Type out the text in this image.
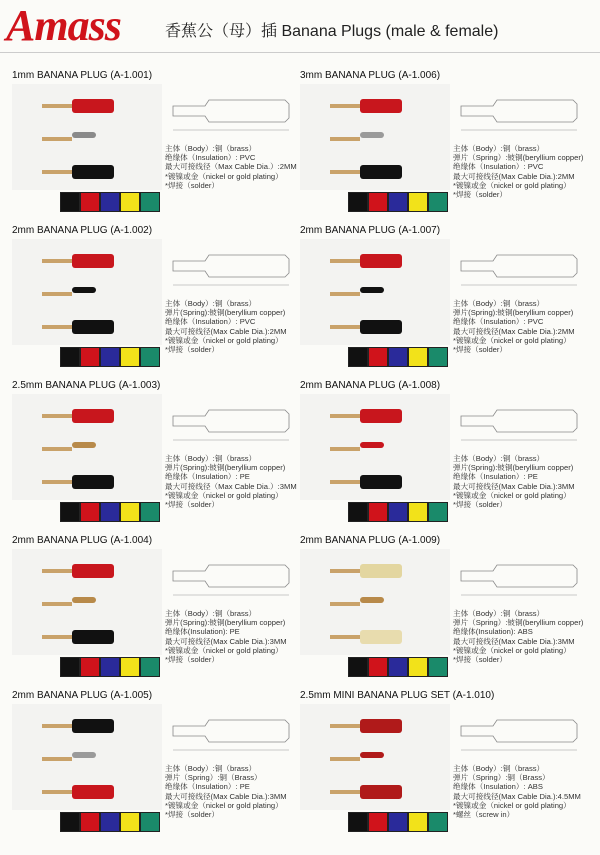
Amass	香蕉公（母）插 Banana Plugs (male & female)
1mm BANANA PLUG (A-1.001)
主体（Body）:铜（brass）
绝缘体（Insulation）: PVC
最大可接线径（Max Cable Dia.）:2MM
*镀镍或金（nickel or gold plating）
*焊接（solder）
3mm BANANA PLUG (A-1.006)
主体（Body）:铜（brass）
弹片（Spring）:铍铜(beryllium copper)
绝缘体（Insulation）: PVC
最大可接线径(Max Cable Dia.):2MM
*镀镍或金（nickel or gold plating）
*焊接（solder）
2mm BANANA PLUG (A-1.002)
主体（Body）:铜（brass）
弹片(Spring):铍铜(beryllium copper)
绝缘体（Insulation）: PVC
最大可接线径(Max Cable Dia.):2MM
*镀镍或金（nickel or gold plating）
*焊接（solder）
2mm BANANA PLUG (A-1.007)
主体（Body）:铜（brass）
弹片(Spring):铍铜(beryllium copper)
绝缘体（Insulation）: PVC
最大可接线径(Max Cable Dia.):2MM
*镀镍或金（nickel or gold plating）
*焊接（solder）
2.5mm BANANA PLUG (A-1.003)
主体（Body）:铜（brass）
弹片(Spring):铍铜(beryllium copper)
绝缘体（Insulation）: PE
最大可接线径（Max Cable Dia.）:3MM
*镀镍或金（nickel or gold plating）
*焊接（solder）
2mm BANANA PLUG (A-1.008)
主体（Body）:铜（brass）
弹片(Spring):铍铜(beryllium copper)
绝缘体（Insulation）: PE
最大可接线径(Max Cable Dia.):3MM
*镀镍或金（nickel or gold plating）
*焊接（solder）
2mm BANANA PLUG (A-1.004)
主体（Body）:铜（brass）
弹片(Spring):铍铜(beryllium copper)
绝缘体(Insulation): PE
最大可接线径(Max Cable Dia.):3MM
*镀镍或金（nickel or gold plating）
*焊接（solder）
2mm BANANA PLUG (A-1.009)
主体（Body）:铜（brass）
弹片（Spring）:铍铜(beryllium copper)
绝缘体(Insulation): ABS
最大可接线径(Max Cable Dia.):3MM
*镀镍或金（nickel or gold plating）
*焊接（solder）
2mm BANANA PLUG (A-1.005)
主体（Body）:铜（brass）
弹片（Spring）:铜（Brass）
绝缘体（Insulation）: PE
最大可接线径(Max Cable Dia.):3MM
*镀镍或金（nickel or gold plating）
*焊接（solder）
2.5mm MINI BANANA PLUG SET (A-1.010)
主体（Body）:铜（brass）
弹片（Spring）:铜（Brass）
绝缘体（Insulation）: ABS
最大可接线径(Max Cable Dia.):4.5MM
*镀镍或金（nickel or gold plating）
*螺丝（screw in）
